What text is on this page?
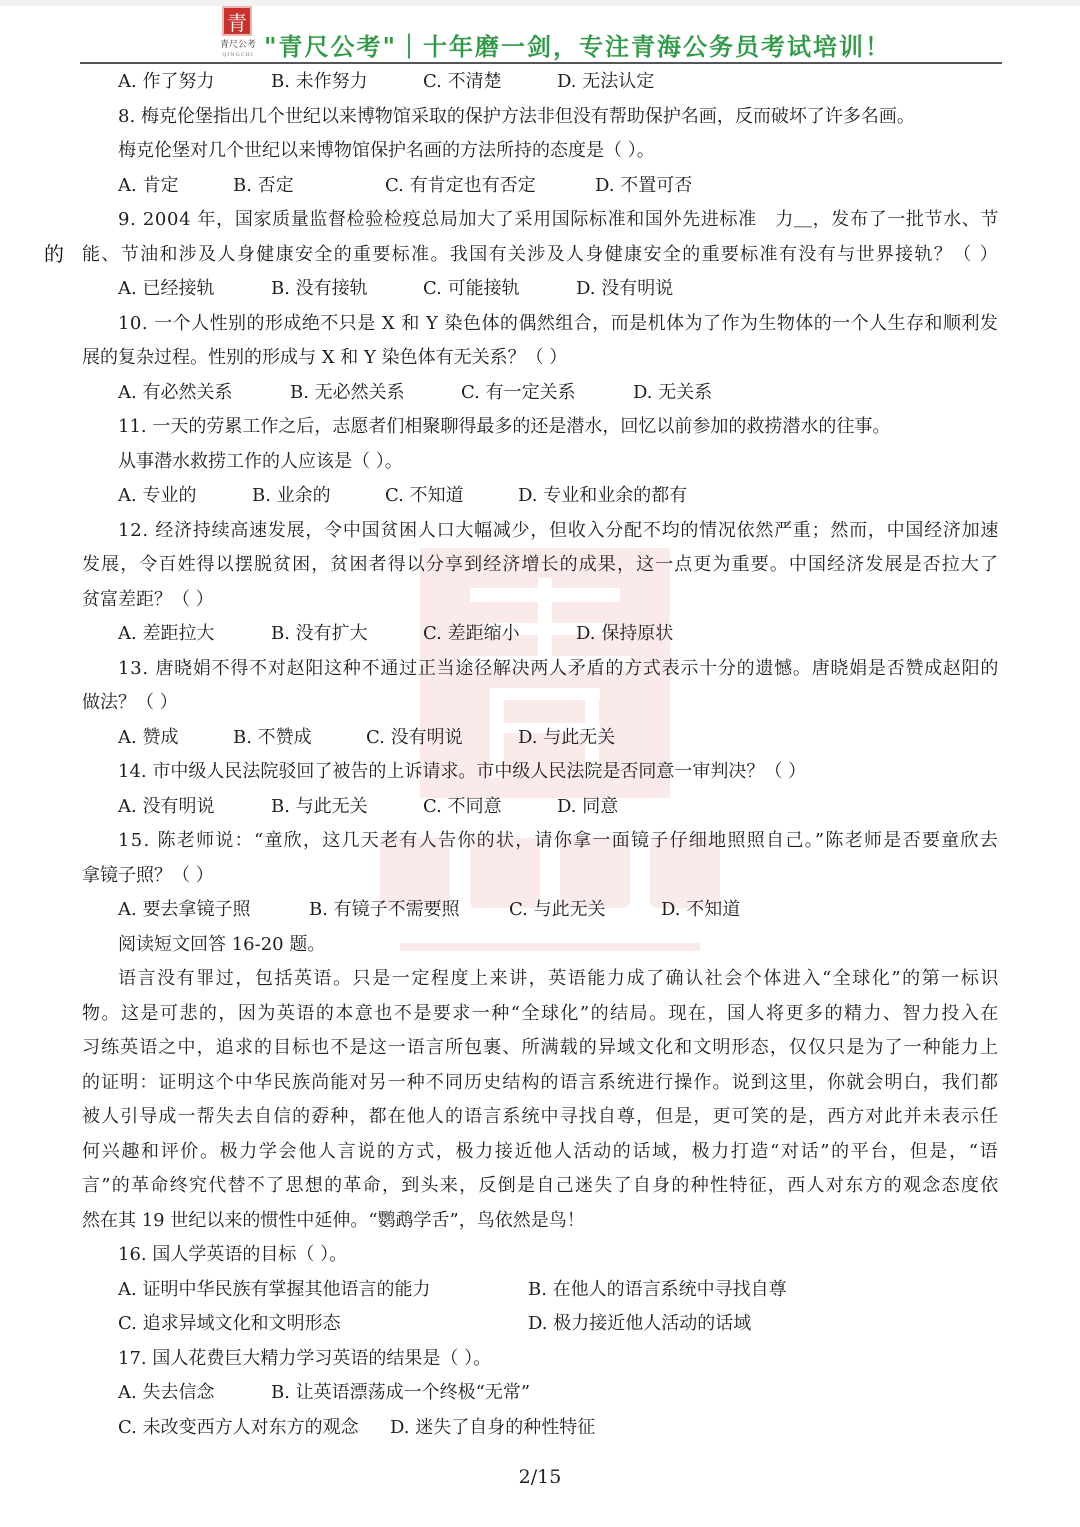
青
青尺公考
QINGCHI "青尺公考"｜十年磨一剑，专注青海公务员考试培训！
A. 作了努力	B. 未作努力	C. 不清楚	D. 无法认定
8. 梅克伦堡指出几个世纪以来博物馆采取的保护方法非但没有帮助保护名画，反而破坏了许多名画。
梅克伦堡对几个世纪以来博物馆保护名画的方法所持的态度是（ ）。
A. 肯定	B. 否定	C. 有肯定也有否定	D. 不置可否
9. 2004 年，国家质量监督检验检疫总局加大了采用国际标准和国外先进标准　力＿，发布了一批节水、节
能、节油和涉及人身健康安全的重要标准。我国有关涉及人身健康安全的重要标准有没有与世界接轨？（ ）
A. 已经接轨	B. 没有接轨	C. 可能接轨	D. 没有明说
10. 一个人性别的形成绝不只是 X 和 Y 染色体的偶然组合，而是机体为了作为生物体的一个人生存和顺利发
展的复杂过程。性别的形成与 X 和 Y 染色体有无关系？（ ）
A. 有必然关系	B. 无必然关系	C. 有一定关系	D. 无关系
11. 一天的劳累工作之后，志愿者们相聚聊得最多的还是潜水，回忆以前参加的救捞潜水的往事。
从事潜水救捞工作的人应该是（ ）。
A. 专业的	B. 业余的	C. 不知道	D. 专业和业余的都有
12. 经济持续高速发展，令中国贫困人口大幅减少，但收入分配不均的情况依然严重；然而，中国经济加速
发展，令百姓得以摆脱贫困，贫困者得以分享到经济增长的成果，这一点更为重要。中国经济发展是否拉大了
贫富差距？（ ）
A. 差距拉大	B. 没有扩大	C. 差距缩小	D. 保持原状
13. 唐晓娟不得不对赵阳这种不通过正当途径解决两人矛盾的方式表示十分的遗憾。唐晓娟是否赞成赵阳的
做法？（ ）
A. 赞成	B. 不赞成	C. 没有明说	D. 与此无关
14. 市中级人民法院驳回了被告的上诉请求。市中级人民法院是否同意一审判决？（ ）
A. 没有明说	B. 与此无关	C. 不同意	D. 同意
15. 陈老师说：“童欣，这几天老有人告你的状，请你拿一面镜子仔细地照照自己。”陈老师是否要童欣去
拿镜子照？（ ）
A. 要去拿镜子照	B. 有镜子不需要照	C. 与此无关	D. 不知道
阅读短文回答 16-20 题。
语言没有罪过，包括英语。只是一定程度上来讲，英语能力成了确认社会个体进入“全球化”的第一标识
物。这是可悲的，因为英语的本意也不是要求一种“全球化”的结局。现在，国人将更多的精力、智力投入在
习练英语之中，追求的目标也不是这一语言所包裹、所满载的异域文化和文明形态，仅仅只是为了一种能力上
的证明：证明这个中华民族尚能对另一种不同历史结构的语言系统进行操作。说到这里，你就会明白，我们都
被人引导成一帮失去自信的孬种，都在他人的语言系统中寻找自尊，但是，更可笑的是，西方对此并未表示任
何兴趣和评价。极力学会他人言说的方式，极力接近他人活动的话域，极力打造“对话”的平台，但是，“语
言”的革命终究代替不了思想的革命，到头来，反倒是自己迷失了自身的种性特征，西人对东方的观念态度依
然在其 19 世纪以来的惯性中延伸。“鹦鹉学舌”，鸟依然是鸟！
16. 国人学英语的目标（ ）。
A. 证明中华民族有掌握其他语言的能力	B. 在他人的语言系统中寻找自尊
C. 追求异域文化和文明形态	D. 极力接近他人活动的话域
17. 国人花费巨大精力学习英语的结果是（ ）。
A. 失去信念	B. 让英语漂荡成一个终极“无常”
C. 未改变西方人对东方的观念 D. 迷失了自身的种性特征
的
2/15
